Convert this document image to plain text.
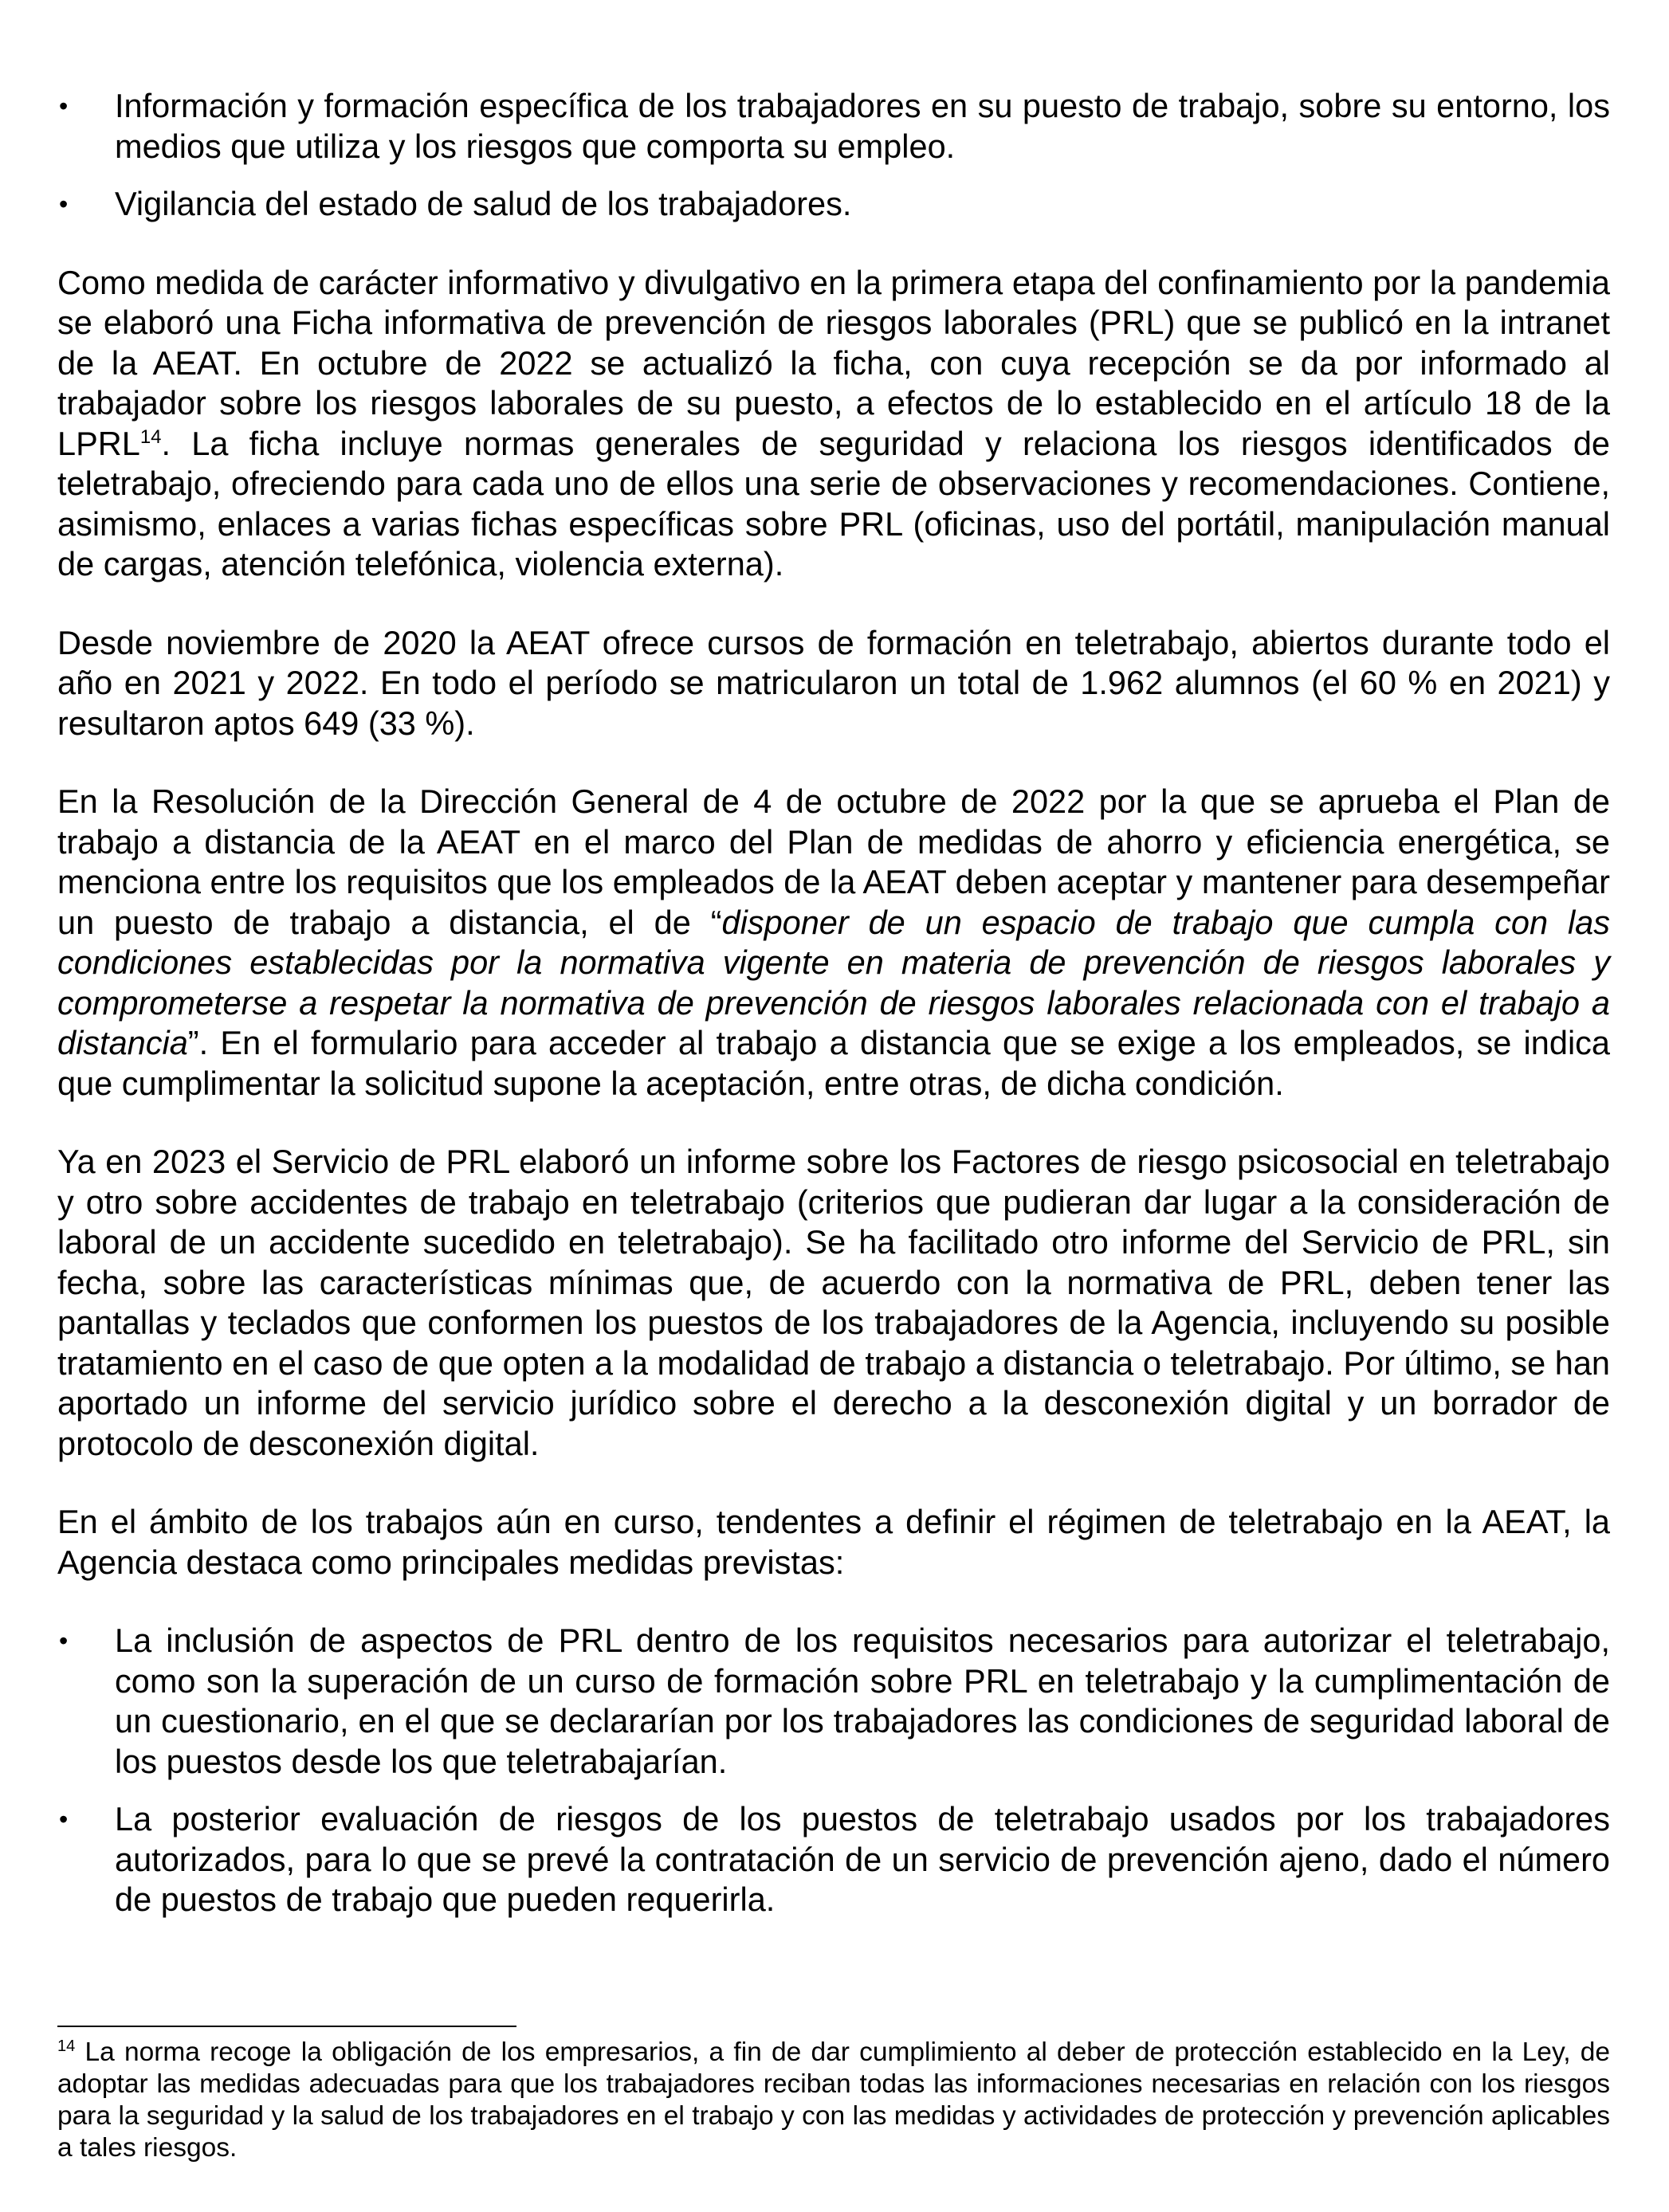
• Información y formación específica de los trabajadores en su puesto de trabajo, sobre su entorno, los medios que utiliza y los riesgos que comporta su empleo.

• Vigilancia del estado de salud de los trabajadores.

Como medida de carácter informativo y divulgativo en la primera etapa del confinamiento por la pandemia se elaboró una Ficha informativa de prevención de riesgos laborales (PRL) que se publicó en la intranet de la AEAT. En octubre de 2022 se actualizó la ficha, con cuya recepción se da por informado al trabajador sobre los riesgos laborales de su puesto, a efectos de lo establecido en el artículo 18 de la LPRL$^{14}$. La ficha incluye normas generales de seguridad y relaciona los riesgos identificados de teletrabajo, ofreciendo para cada uno de ellos una serie de observaciones y recomendaciones. Contiene, asimismo, enlaces a varias fichas específicas sobre PRL (oficinas, uso del portátil, manipulación manual de cargas, atención telefónica, violencia externa).

Desde noviembre de 2020 la AEAT ofrece cursos de formación en teletrabajo, abiertos durante todo el año en 2021 y 2022. En todo el período se matricularon un total de 1.962 alumnos (el 60 % en 2021) y resultaron aptos 649 (33 %).

En la Resolución de la Dirección General de 4 de octubre de 2022 por la que se aprueba el Plan de trabajo a distancia de la AEAT en el marco del Plan de medidas de ahorro y eficiencia energética, se menciona entre los requisitos que los empleados de la AEAT deben aceptar y mantener para desempeñar un puesto de trabajo a distancia, el de “disponer de un espacio de trabajo que cumpla con las condiciones establecidas por la normativa vigente en materia de prevención de riesgos laborales y comprometerse a respetar la normativa de prevención de riesgos laborales relacionada con el trabajo a distancia”. En el formulario para acceder al trabajo a distancia que se exige a los empleados, se indica que cumplimentar la solicitud supone la aceptación, entre otras, de dicha condición.

Ya en 2023 el Servicio de PRL elaboró un informe sobre los Factores de riesgo psicosocial en teletrabajo y otro sobre accidentes de trabajo en teletrabajo (criterios que pudieran dar lugar a la consideración de laboral de un accidente sucedido en teletrabajo). Se ha facilitado otro informe del Servicio de PRL, sin fecha, sobre las características mínimas que, de acuerdo con la normativa de PRL, deben tener las pantallas y teclados que conformen los puestos de los trabajadores de la Agencia, incluyendo su posible tratamiento en el caso de que opten a la modalidad de trabajo a distancia o teletrabajo. Por último, se han aportado un informe del servicio jurídico sobre el derecho a la desconexión digital y un borrador de protocolo de desconexión digital.

En el ámbito de los trabajos aún en curso, tendentes a definir el régimen de teletrabajo en la AEAT, la Agencia destaca como principales medidas previstas:

• La inclusión de aspectos de PRL dentro de los requisitos necesarios para autorizar el teletrabajo, como son la superación de un curso de formación sobre PRL en teletrabajo y la cumplimentación de un cuestionario, en el que se declararían por los trabajadores las condiciones de seguridad laboral de los puestos desde los que teletrabajarían.

• La posterior evaluación de riesgos de los puestos de teletrabajo usados por los trabajadores autorizados, para lo que se prevé la contratación de un servicio de prevención ajeno, dado el número de puestos de trabajo que pueden requerirla.

$^{14}$ La norma recoge la obligación de los empresarios, a fin de dar cumplimiento al deber de protección establecido en la Ley, de adoptar las medidas adecuadas para que los trabajadores reciban todas las informaciones necesarias en relación con los riesgos para la seguridad y la salud de los trabajadores en el trabajo y con las medidas y actividades de protección y prevención aplicables a tales riesgos.
